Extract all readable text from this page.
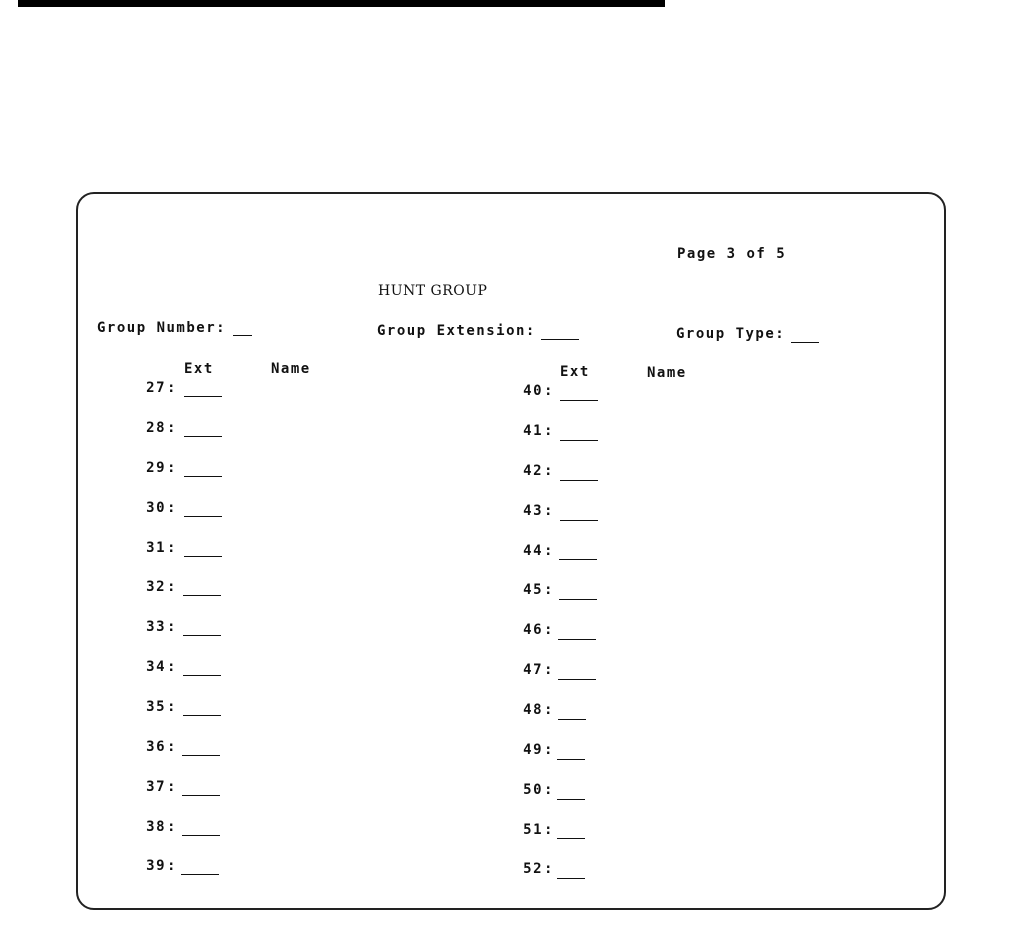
Page 3 of 5
HUNT GROUP
Group Number:	Group Extension:	Group Type:
Ext	Name	Ext	Name
27 :
28 :
29 :
30 :
31 :
32 :
33 :
34 :
35 :
36 :
37 :
38 :
39 :
40 :
41 :
42 :
43 :
44 :
45 :
46 :
47 :
48 :
49 :
50 :
51 :
52 :
